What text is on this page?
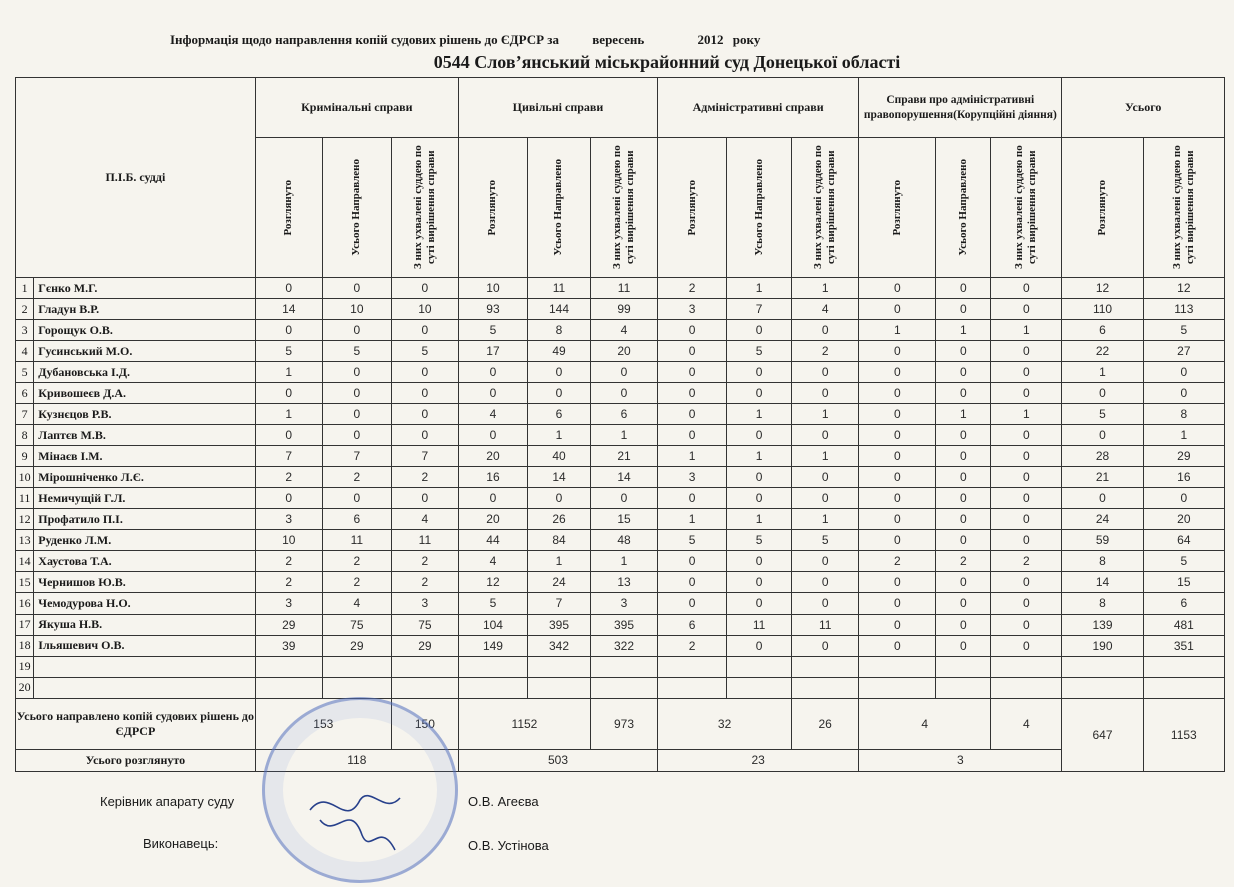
Інформація щодо направлення копій судових рішень до ЄДРСР за	вересень	2012 року
0544 Слов’янський міськрайонний суд Донецької області
П.І.Б. судді		Кримінальні справи			Цивільні справи			Адміністративні справи			Справи про адміністративні правопорушення(Корупційні діяння)			Усього	

		Розглянуто	Усього Направлено	З них ухвалені суддею по суті вирішення справи	Розглянуто	Усього Направлено	З них ухвалені суддею по суті вирішення справи	Розглянуто	Усього Направлено	З них ухвалені суддею по суті вирішення справи	Розглянуто	Усього Направлено	З них ухвалені суддею по суті вирішення справи	Розглянуто	З них ухвалені суддею по суті вирішення справи

1	Гєнко М.Г.	0	0	0	10	11	11	2	1	1	0	0	0	12	12
2	Гладун В.Р.	14	10	10	93	144	99	3	7	4	0	0	0	110	113
3	Горощук О.В.	0	0	0	5	8	4	0	0	0	1	1	1	6	5
4	Гусинський М.О.	5	5	5	17	49	20	0	5	2	0	0	0	22	27
5	Дубановська І.Д.	1	0	0	0	0	0	0	0	0	0	0	0	1	0
6	Кривошеєв Д.А.	0	0	0	0	0	0	0	0	0	0	0	0	0	0
7	Кузнєцов Р.В.	1	0	0	4	6	6	0	1	1	0	1	1	5	8
8	Лаптєв М.В.	0	0	0	0	1	1	0	0	0	0	0	0	0	1
9	Мінаєв І.М.	7	7	7	20	40	21	1	1	1	0	0	0	28	29
10	Мірошніченко Л.Є.	2	2	2	16	14	14	3	0	0	0	0	0	21	16
11	Немичущій Г.Л.	0	0	0	0	0	0	0	0	0	0	0	0	0	0
12	Профатило П.І.	3	6	4	20	26	15	1	1	1	0	0	0	24	20
13	Руденко Л.М.	10	11	11	44	84	48	5	5	5	0	0	0	59	64
14	Хаустова Т.А.	2	2	2	4	1	1	0	0	0	2	2	2	8	5
15	Чернишов Ю.В.	2	2	2	12	24	13	0	0	0	0	0	0	14	15
16	Чемодурова Н.О.	3	4	3	5	7	3	0	0	0	0	0	0	8	6
17	Якуша Н.В.	29	75	75	104	395	395	6	11	11	0	0	0	139	481
18	Ільяшевич О.В.	39	29	29	149	342	322	2	0	0	0	0	0	190	351
19															
20															
Усього направлено копій судових рішень до ЄДРСР		153		150	1152		973	32		26	4		4	647	1153
Усього розглянуто		118			503			23			3				
Керівник апарату суду	О.В. Агеєва
Виконавець:	О.В. Устінова
